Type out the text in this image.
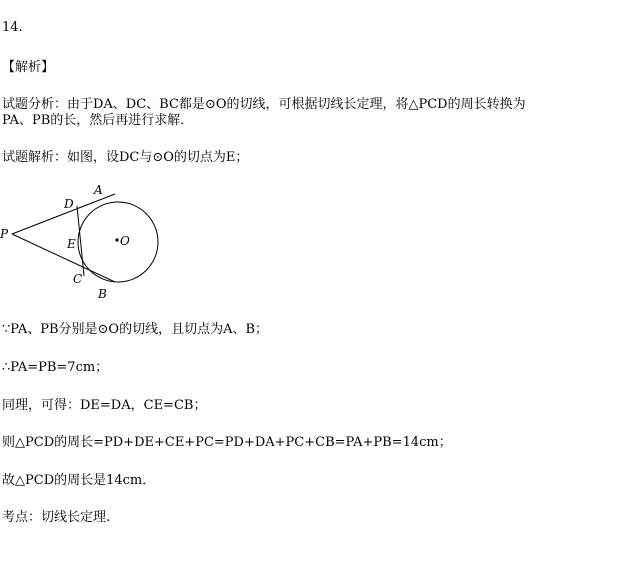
14.
【解析】
试题分析：由于DA、DC、BC都是⊙O的切线，可根据切线长定理，将△PCD的周长转换为
PA、PB的长，然后再进行求解．
试题解析：如图，设DC与⊙O的切点为E；
P
D
A
E	O
C
B
∵PA、PB分别是⊙O的切线，且切点为A、B；
∴PA=PB=7cm；
同理，可得：DE=DA，CE=CB；
则△PCD的周长=PD+DE+CE+PC=PD+DA+PC+CB=PA+PB=14cm；
故△PCD的周长是14cm．
考点：切线长定理.
